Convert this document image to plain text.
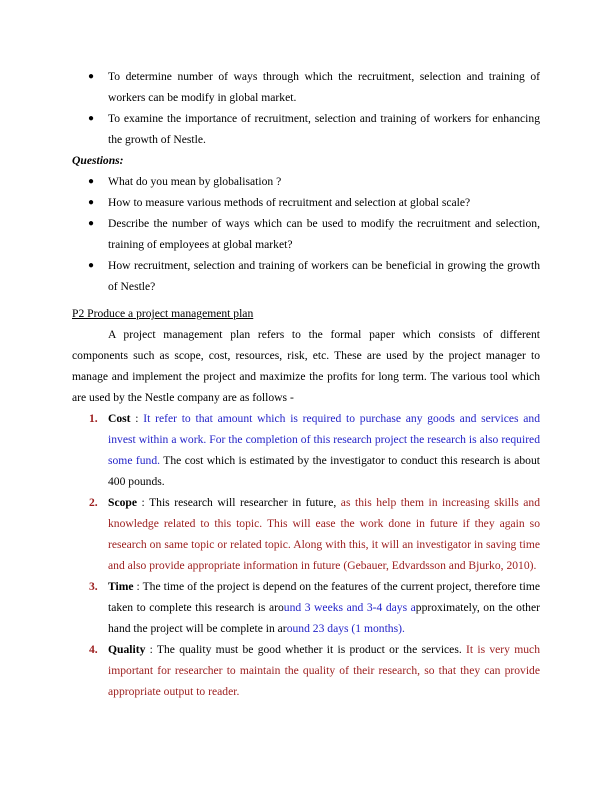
● To determine number of ways through which the recruitment, selection and training of workers can be modify in global market.
● To examine the importance of recruitment, selection and training of workers for enhancing the growth of Nestle.

Questions:

● What do you mean by globalisation ?
● How to measure various methods of recruitment and selection at global scale?
● Describe the number of ways which can be used to modify the recruitment and selection, training of employees at global market?
● How recruitment, selection and training of workers can be beneficial in growing the growth of Nestle?

P2 Produce a project management plan

A project management plan refers to the formal paper which consists of different components such as scope, cost, resources, risk, etc. These are used by the project manager to manage and implement the project and maximize the profits for long term. The various tool which are used by the Nestle company are as follows -

1. Cost : It refer to that amount which is required to purchase any goods and services and invest within a work. For the completion of this research project the research is also required some fund. The cost which is estimated by the investigator to conduct this research is about 400 pounds.
2. Scope : This research will researcher in future, as this help them in increasing skills and knowledge related to this topic. This will ease the work done in future if they again so research on same topic or related topic. Along with this, it will an investigator in saving time and also provide appropriate information in future (Gebauer, Edvardsson and Bjurko, 2010).
3. Time : The time of the project is depend on the features of the current project, therefore time taken to complete this research is around 3 weeks and 3-4 days approximately, on the other hand the project will be complete in around 23 days (1 months).
4. Quality : The quality must be good whether it is product or the services. It is very much important for researcher to maintain the quality of their research, so that they can provide appropriate output to reader.
